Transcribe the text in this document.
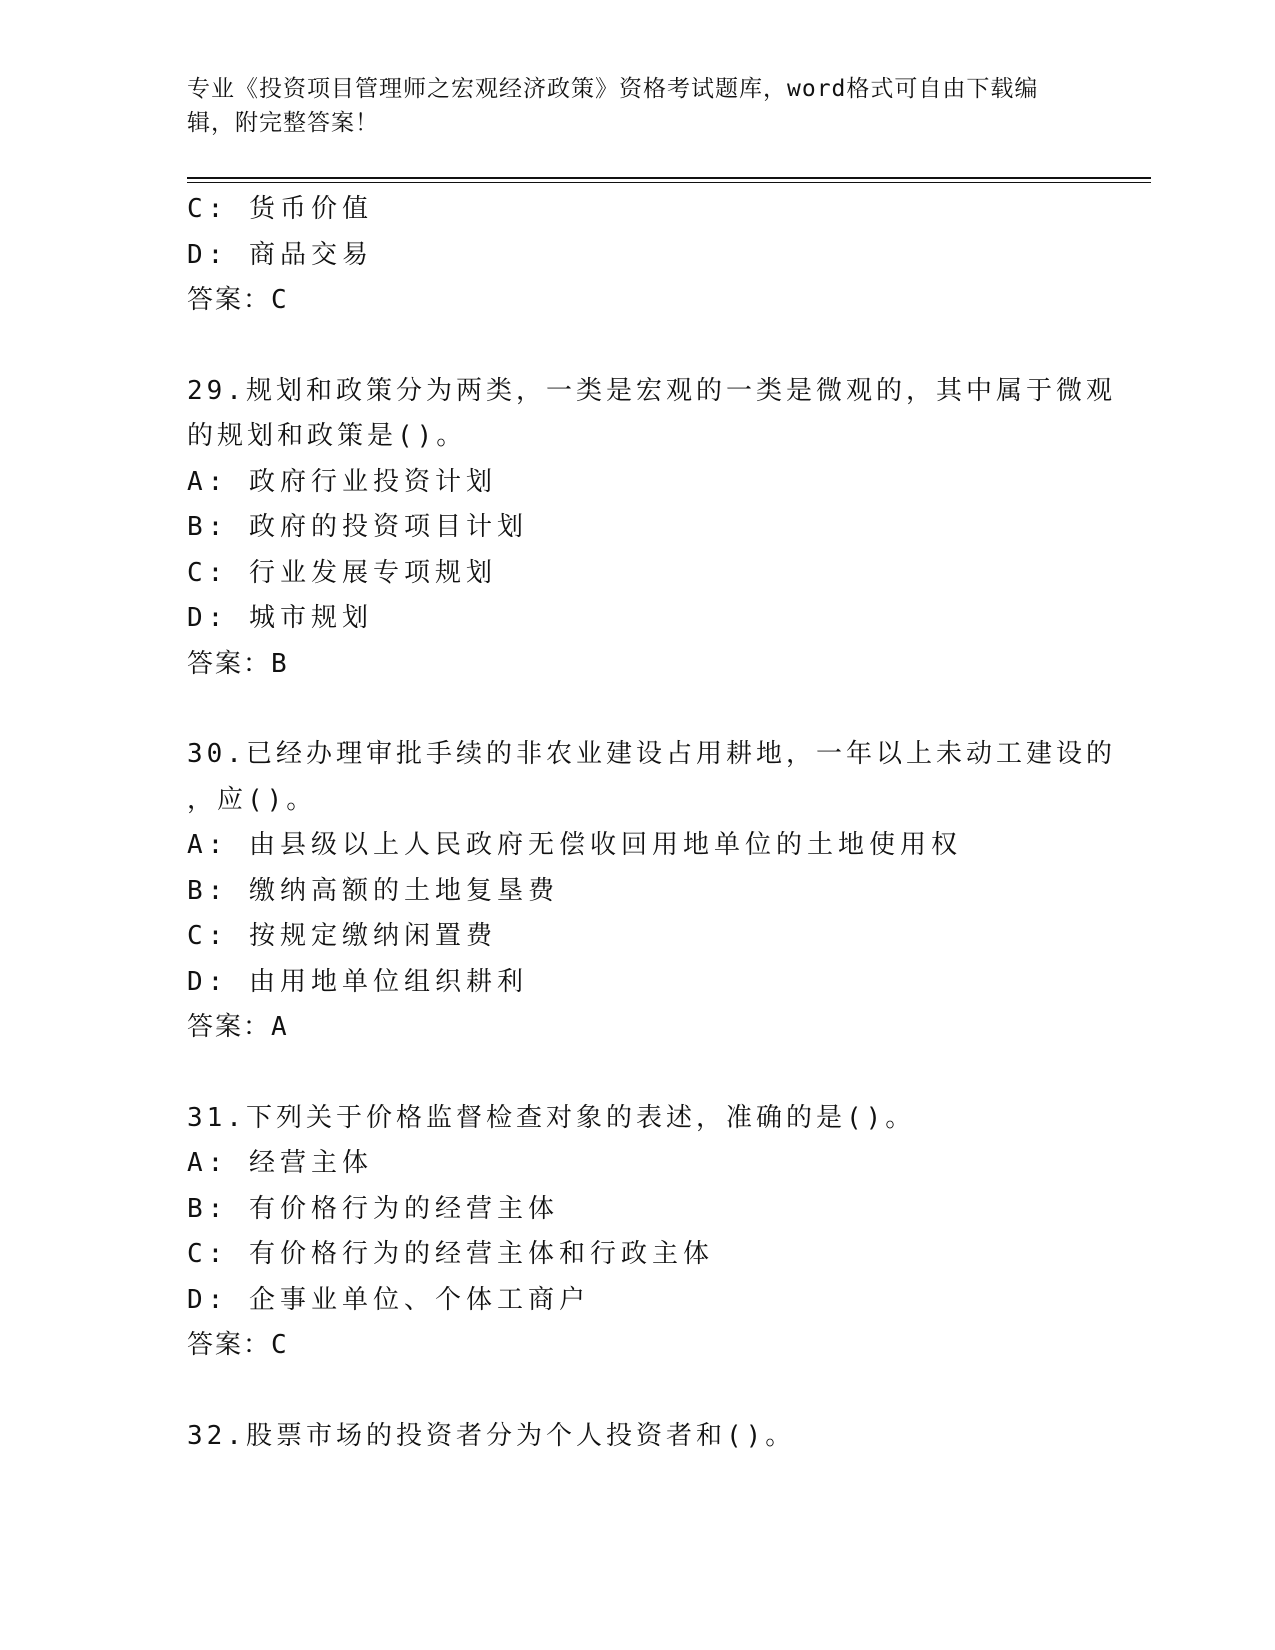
专业《投资项目管理师之宏观经济政策》资格考试题库，word格式可自由下载编
辑，附完整答案！
C: 货币价值
D: 商品交易
答案：C
29.规划和政策分为两类，一类是宏观的一类是微观的，其中属于微观
的规划和政策是()。
A: 政府行业投资计划
B: 政府的投资项目计划
C: 行业发展专项规划
D: 城市规划
答案：B
30.已经办理审批手续的非农业建设占用耕地，一年以上未动工建设的
，应()。
A: 由县级以上人民政府无偿收回用地单位的土地使用权
B: 缴纳高额的土地复垦费
C: 按规定缴纳闲置费
D: 由用地单位组织耕利
答案：A
31.下列关于价格监督检查对象的表述，准确的是()。
A: 经营主体
B: 有价格行为的经营主体
C: 有价格行为的经营主体和行政主体
D: 企事业单位、个体工商户
答案：C
32.股票市场的投资者分为个人投资者和()。
